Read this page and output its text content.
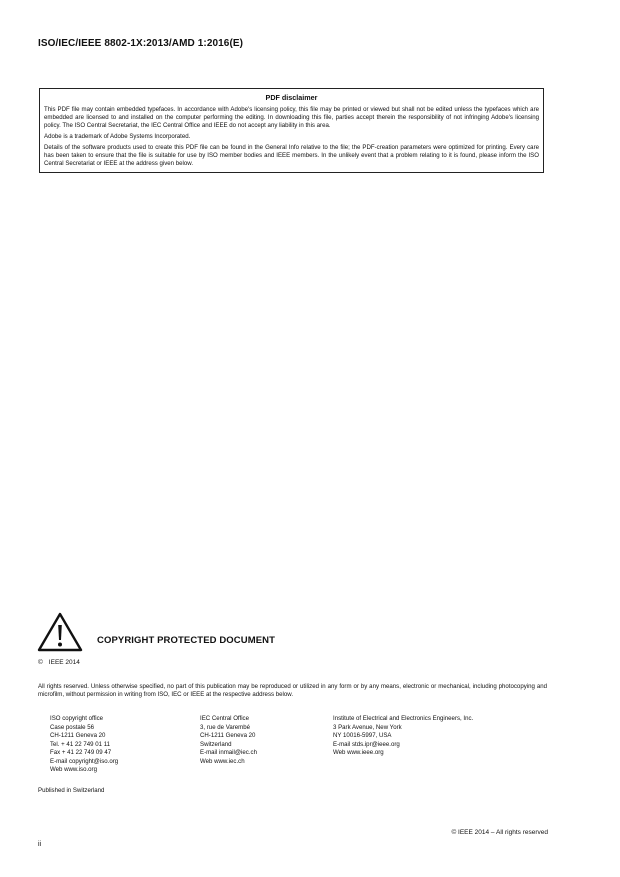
ISO/IEC/IEEE 8802-1X:2013/AMD 1:2016(E)
PDF disclaimer

This PDF file may contain embedded typefaces. In accordance with Adobe's licensing policy, this file may be printed or viewed but shall not be edited unless the typefaces which are embedded are licensed to and installed on the computer performing the editing. In downloading this file, parties accept therein the responsibility of not infringing Adobe's licensing policy. The ISO Central Secretariat, the IEC Central Office and IEEE do not accept any liability in this area.

Adobe is a trademark of Adobe Systems Incorporated.

Details of the software products used to create this PDF file can be found in the General Info relative to the file; the PDF-creation parameters were optimized for printing. Every care has been taken to ensure that the file is suitable for use by ISO member bodies and IEEE members. In the unlikely event that a problem relating to it is found, please inform the ISO Central Secretariat or IEEE at the address given below.

COPYRIGHT PROTECTED DOCUMENT
© IEEE 2014

All rights reserved. Unless otherwise specified, no part of this publication may be reproduced or utilized in any form or by any means, electronic or mechanical, including photocopying and microfilm, without permission in writing from ISO, IEC or IEEE at the respective address below.

ISO copyright office
Case postale 56
CH-1211 Geneva 20
Tel. + 41 22 749 01 11
Fax + 41 22 749 09 47
E-mail copyright@iso.org
Web www.iso.org
IEC Central Office
3, rue de Varembé
CH-1211 Geneva 20
Switzerland
E-mail inmail@iec.ch
Web www.iec.ch
Institute of Electrical and Electronics Engineers, Inc.
3 Park Avenue, New York
NY 10016-5997, USA
E-mail stds.ipr@ieee.org
Web www.ieee.org
Published in Switzerland
© IEEE 2014 – All rights reserved
ii
